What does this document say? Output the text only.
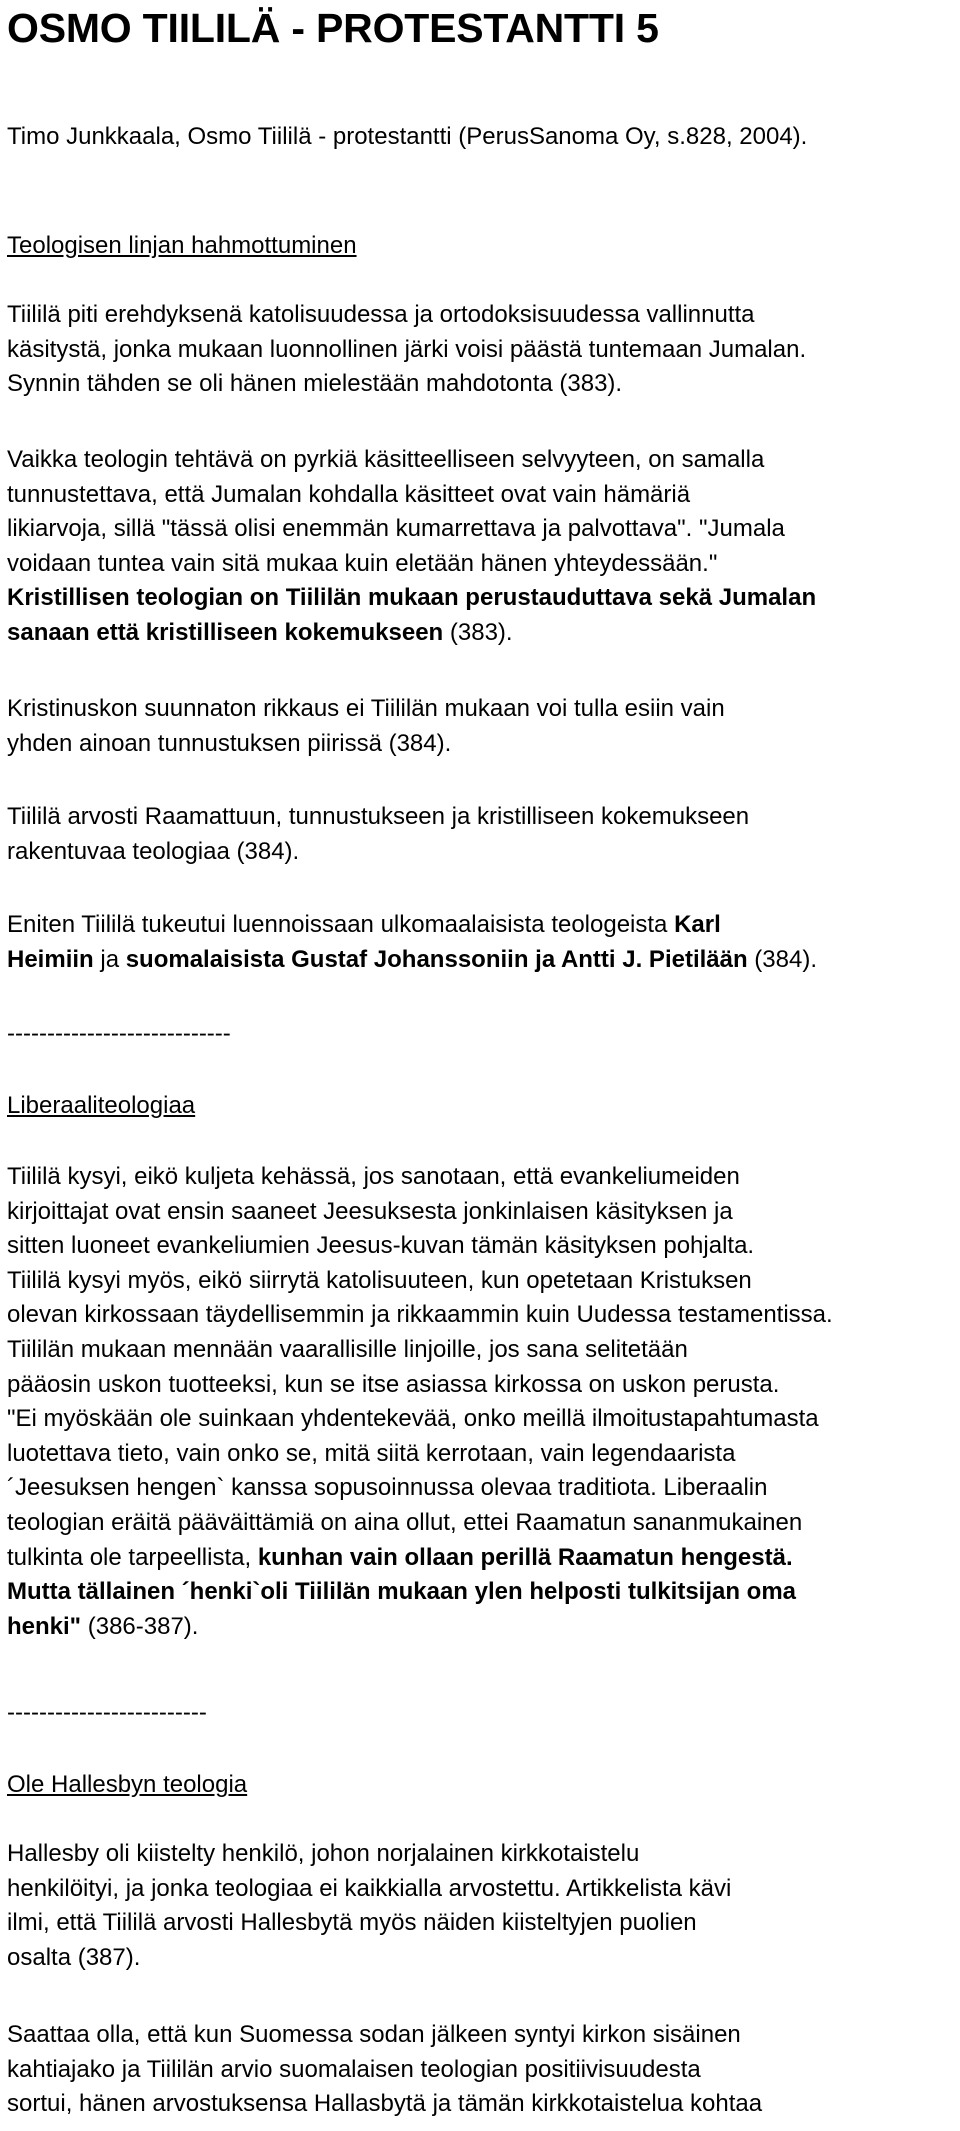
OSMO TIILILÄ - PROTESTANTTI 5
Timo Junkkaala, Osmo Tiililä - protestantti (PerusSanoma Oy, s.828, 2004).
Teologisen linjan hahmottuminen
Tiililä piti erehdyksenä katolisuudessa ja ortodoksisuudessa vallinnutta
käsitystä, jonka mukaan luonnollinen järki voisi päästä tuntemaan Jumalan.
Synnin tähden se oli hänen mielestään mahdotonta (383).
Vaikka teologin tehtävä on pyrkiä käsitteelliseen selvyyteen, on samalla
tunnustettava, että Jumalan kohdalla käsitteet ovat vain hämäriä
likiarvoja, sillä "tässä olisi enemmän kumarrettava ja palvottava". "Jumala
voidaan tuntea vain sitä mukaa kuin eletään hänen yhteydessään."
Kristillisen teologian on Tiililän mukaan perustauduttava sekä Jumalan
sanaan että kristilliseen kokemukseen (383).
Kristinuskon suunnaton rikkaus ei Tiililän mukaan voi tulla esiin vain
yhden ainoan tunnustuksen piirissä (384).
Tiililä arvosti Raamattuun, tunnustukseen ja kristilliseen kokemukseen
rakentuvaa teologiaa (384).
Eniten Tiililä tukeutui luennoissaan ulkomaalaisista teologeista Karl
Heimiin ja suomalaisista Gustaf Johanssoniin ja Antti J. Pietilään (384).
----------------------------
Liberaaliteologiaa
Tiililä kysyi, eikö kuljeta kehässä, jos sanotaan, että evankeliumeiden
kirjoittajat ovat ensin saaneet Jeesuksesta jonkinlaisen käsityksen ja
sitten luoneet evankeliumien Jeesus-kuvan tämän käsityksen pohjalta.
Tiililä kysyi myös, eikö siirrytä katolisuuteen, kun opetetaan Kristuksen
olevan kirkossaan täydellisemmin ja rikkaammin kuin Uudessa testamentissa.
Tiililän mukaan mennään vaarallisille linjoille, jos sana selitetään
pääosin uskon tuotteeksi, kun se itse asiassa kirkossa on uskon perusta.
"Ei myöskään ole suinkaan yhdentekevää, onko meillä ilmoitustapahtumasta
luotettava tieto, vain onko se, mitä siitä kerrotaan, vain legendaarista
´Jeesuksen hengen` kanssa sopusoinnussa olevaa traditiota. Liberaalin
teologian eräitä pääväittämiä on aina ollut, ettei Raamatun sananmukainen
tulkinta ole tarpeellista, kunhan vain ollaan perillä Raamatun hengestä.
Mutta tällainen ´henki`oli Tiililän mukaan ylen helposti tulkitsijan oma
henki" (386-387).
-------------------------
Ole Hallesbyn teologia
Hallesby oli kiistelty henkilö, johon norjalainen kirkkotaistelu
henkilöityi, ja jonka teologiaa ei kaikkialla arvostettu. Artikkelista kävi
ilmi, että Tiililä arvosti Hallesbytä myös näiden kiisteltyjen puolien
osalta (387).
Saattaa olla, että kun Suomessa sodan jälkeen syntyi kirkon sisäinen
kahtiajako ja Tiililän arvio suomalaisen teologian positiivisuudesta
sortui, hänen arvostuksensa Hallasbytä ja tämän kirkkotaistelua kohtaa
